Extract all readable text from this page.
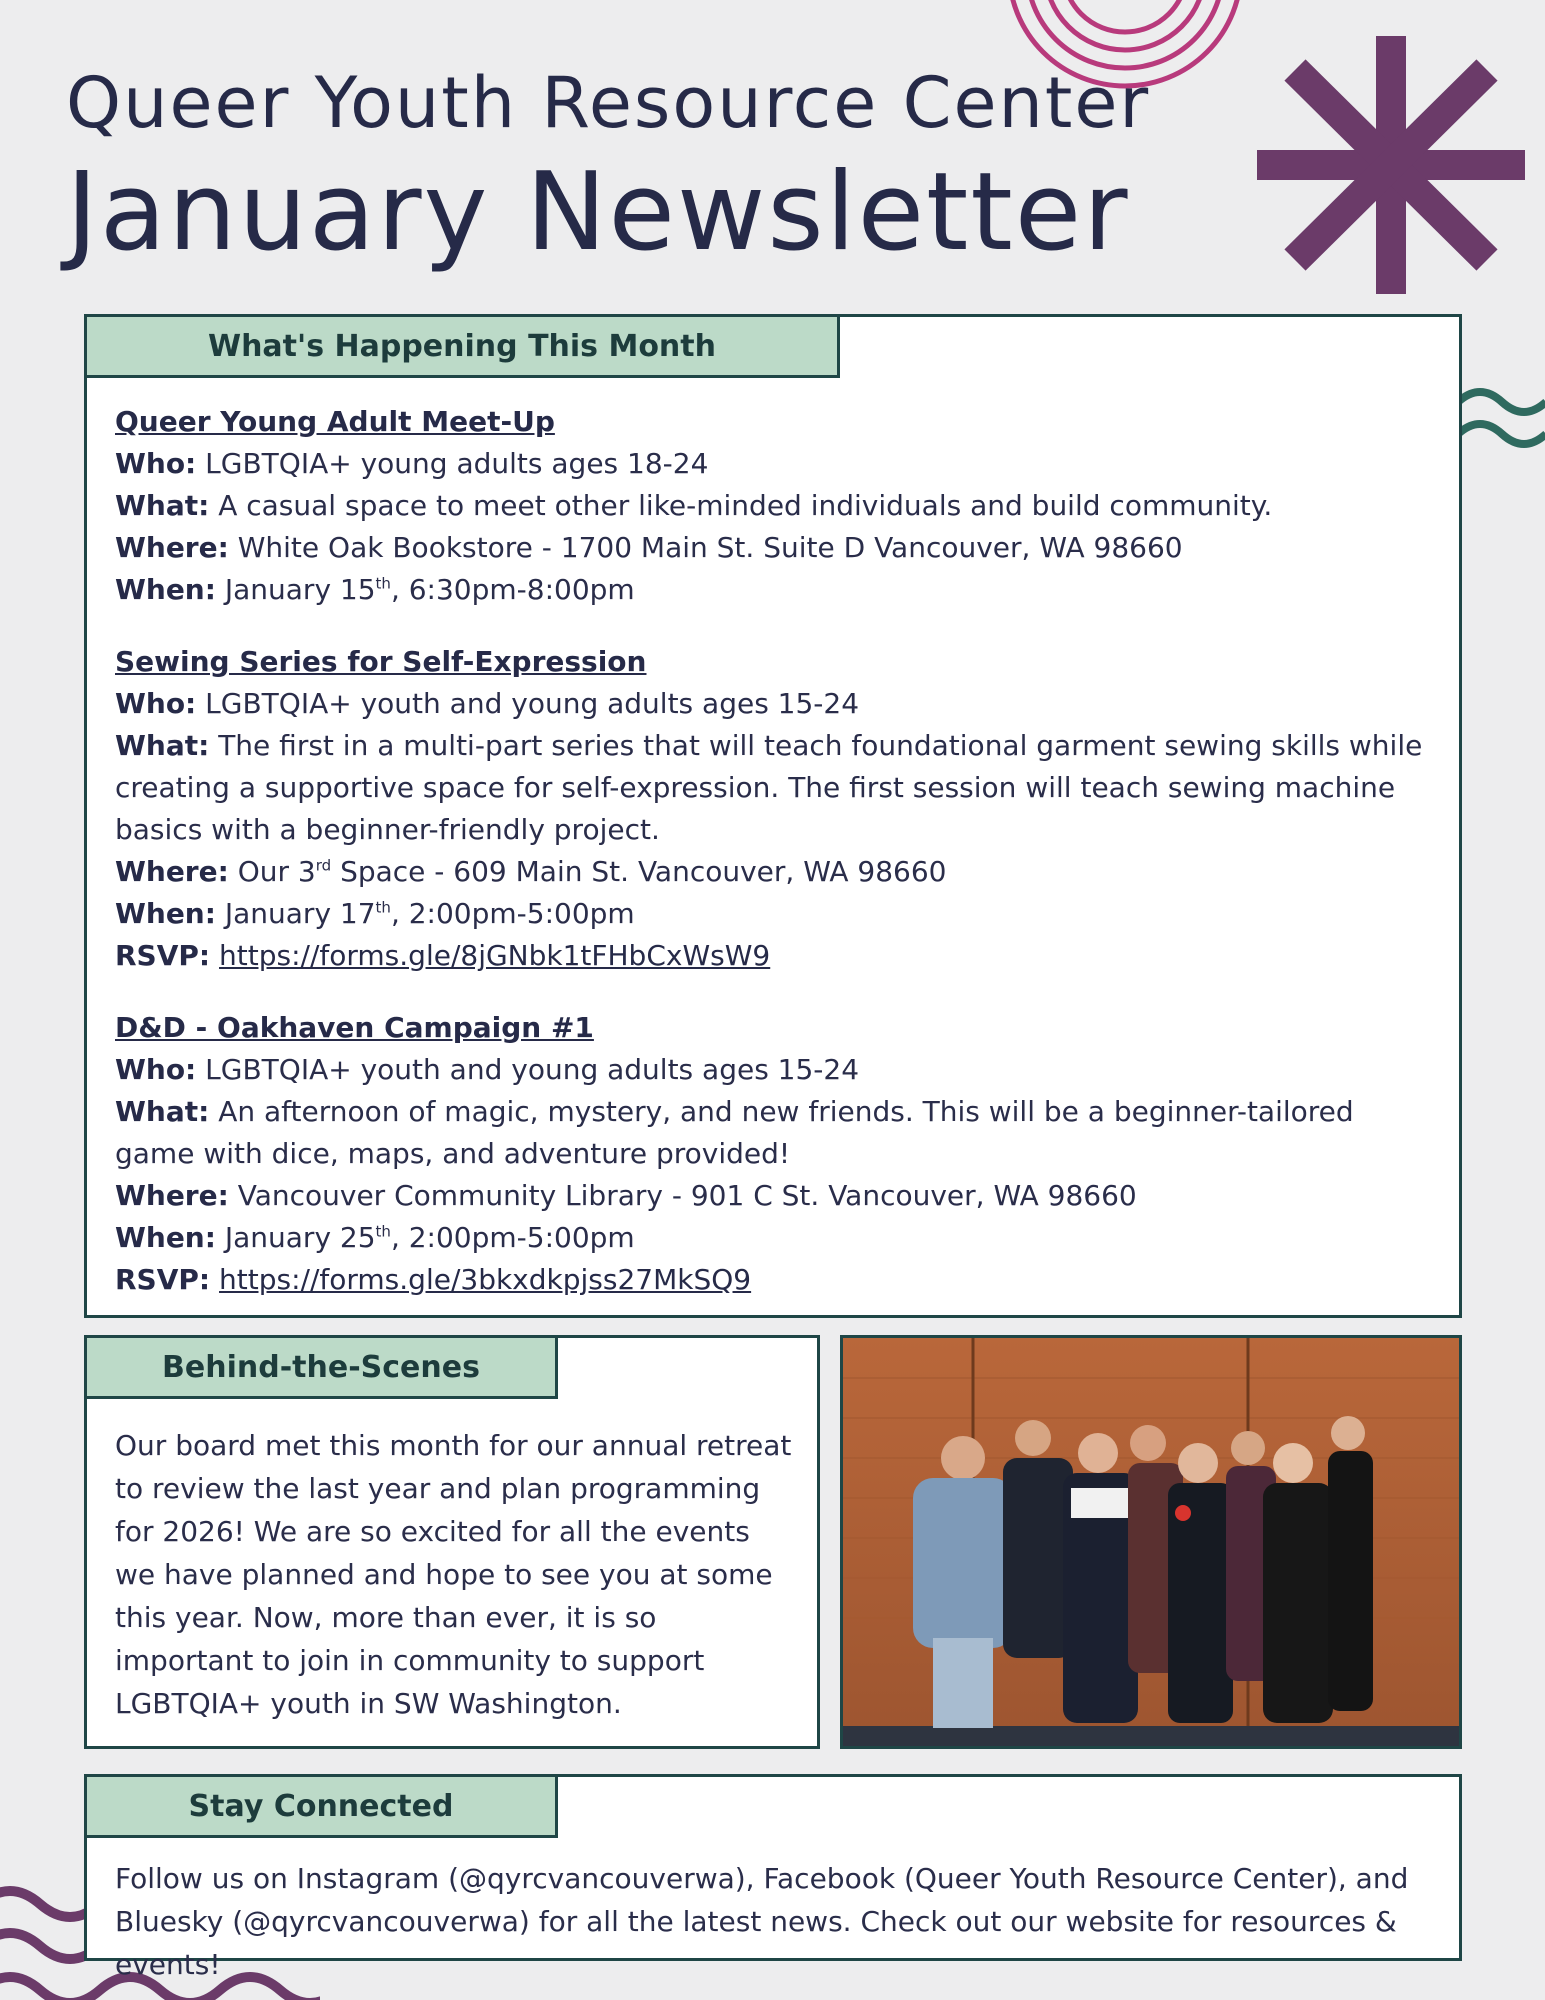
Queer Youth Resource Center
January Newsletter
What's Happening This Month
Queer Young Adult Meet-Up
Who: LGBTQIA+ young adults ages 18-24
What: A casual space to meet other like-minded individuals and build community.
Where: White Oak Bookstore - 1700 Main St. Suite D Vancouver, WA 98660
When: January 15th, 6:30pm-8:00pm
Sewing Series for Self-Expression
Who: LGBTQIA+ youth and young adults ages 15-24
What: The first in a multi-part series that will teach foundational garment sewing skills while creating a supportive space for self-expression. The first session will teach sewing machine basics with a beginner-friendly project.
Where: Our 3rd Space - 609 Main St. Vancouver, WA 98660
When: January 17th, 2:00pm-5:00pm
RSVP: https://forms.gle/8jGNbk1tFHbCxWsW9
D&D - Oakhaven Campaign #1
Who: LGBTQIA+ youth and young adults ages 15-24
What: An afternoon of magic, mystery, and new friends. This will be a beginner-tailored game with dice, maps, and adventure provided!
Where: Vancouver Community Library - 901 C St. Vancouver, WA 98660
When: January 25th, 2:00pm-5:00pm
RSVP: https://forms.gle/3bkxdkpjss27MkSQ9
Behind-the-Scenes
Our board met this month for our annual retreat to review the last year and plan programming for 2026! We are so excited for all the events we have planned and hope to see you at some this year. Now, more than ever, it is so important to join in community to support LGBTQIA+ youth in SW Washington.
Stay Connected
Follow us on Instagram (@qyrcvancouverwa), Facebook (Queer Youth Resource Center), and Bluesky (@qyrcvancouverwa) for all the latest news. Check out our website for resources & events!
